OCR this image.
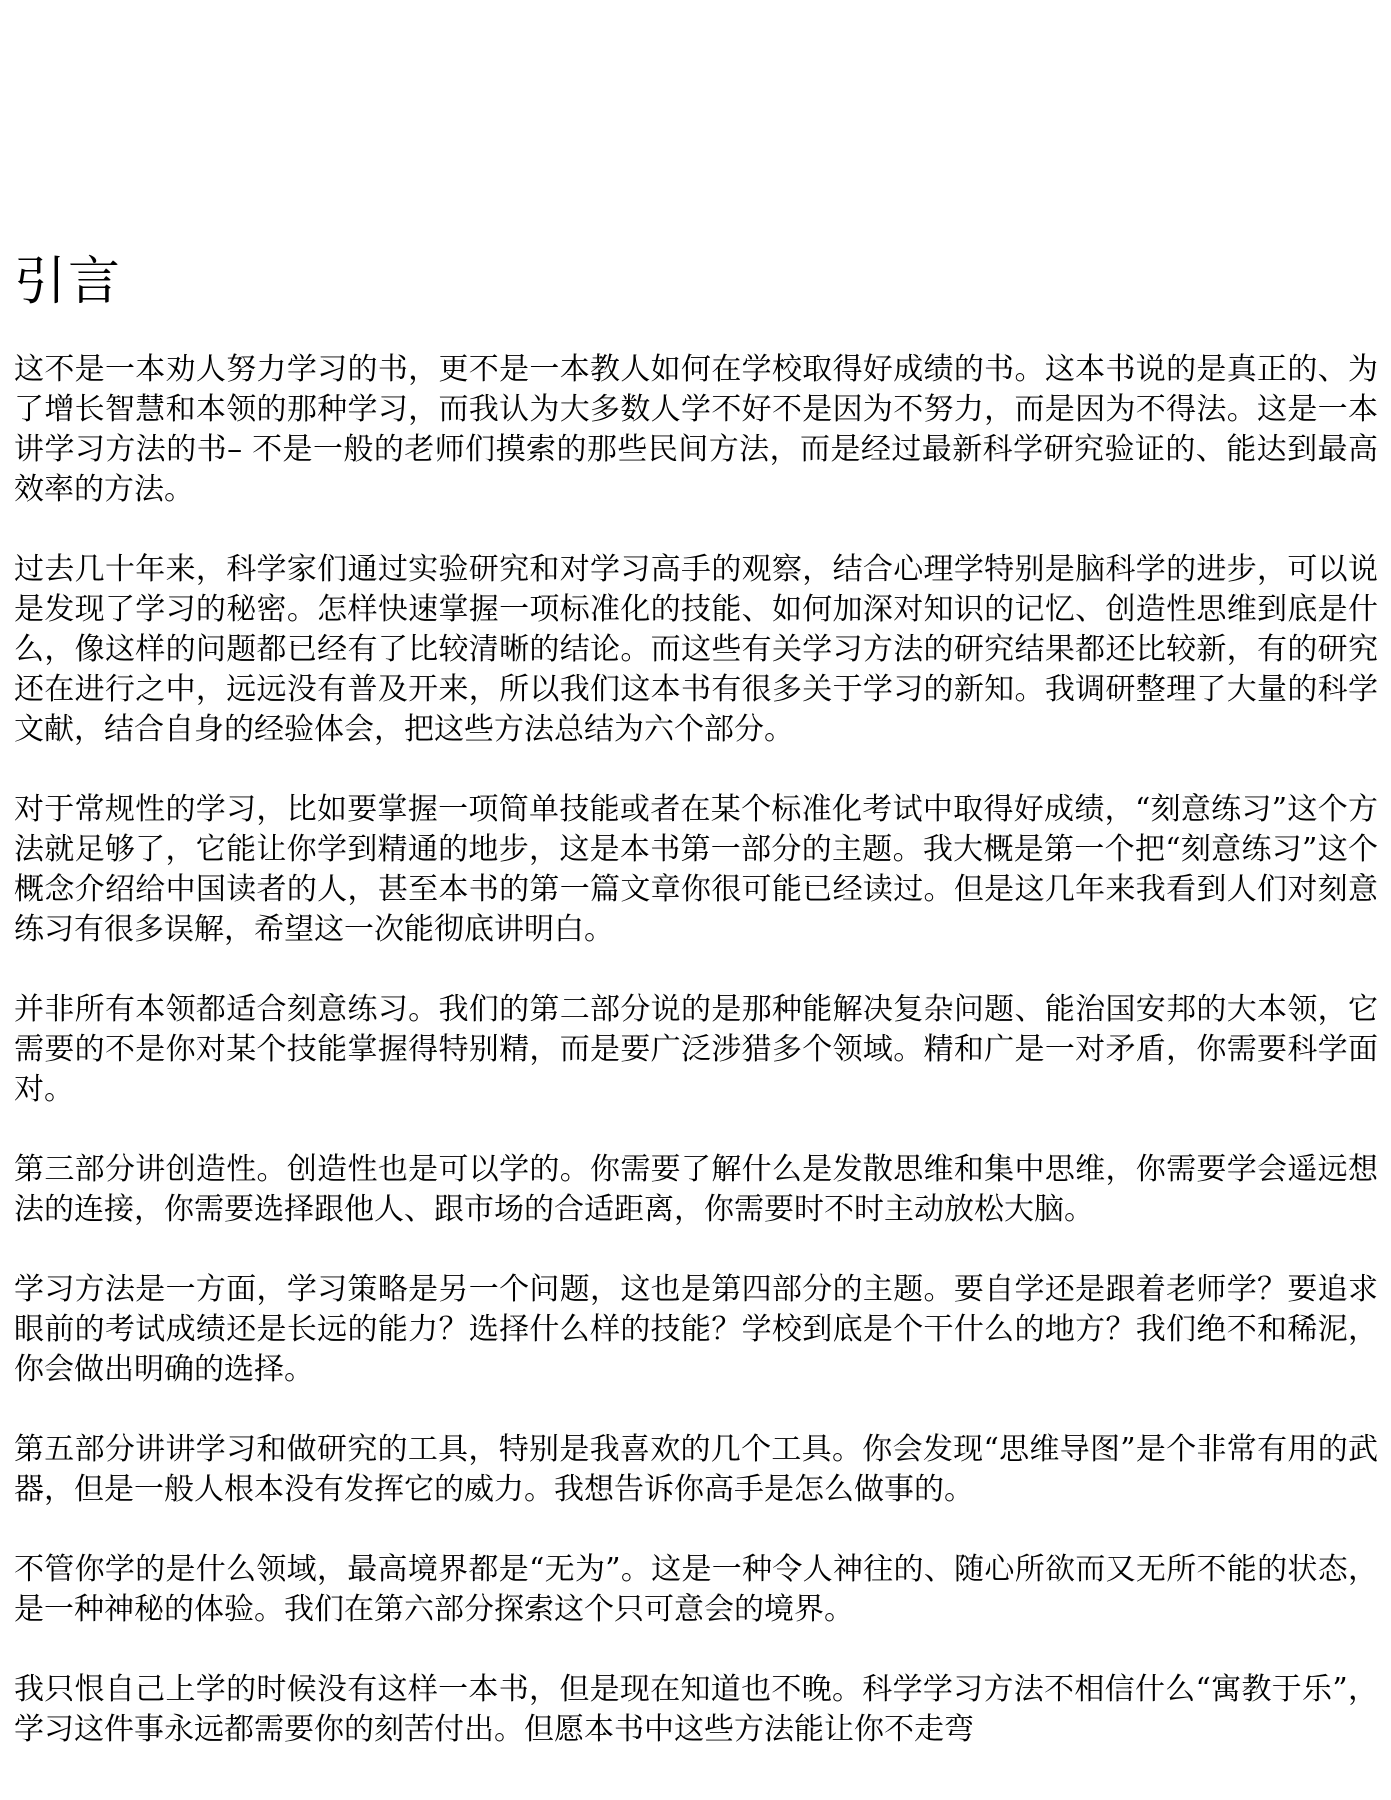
引言

这不是一本劝人努力学习的书，更不是一本教人如何在学校取得好成绩的书。这本书说的是真正的、为了增长智慧和本领的那种学习，而我认为大多数人学不好不是因为不努力，而是因为不得法。这是一本讲学习方法的书– 不是一般的老师们摸索的那些民间方法，而是经过最新科学研究验证的、能达到最高效率的方法。

过去几十年来，科学家们通过实验研究和对学习高手的观察，结合心理学特别是脑科学的进步，可以说是发现了学习的秘密。怎样快速掌握一项标准化的技能、如何加深对知识的记忆、创造性思维到底是什么，像这样的问题都已经有了比较清晰的结论。而这些有关学习方法的研究结果都还比较新，有的研究还在进行之中，远远没有普及开来，所以我们这本书有很多关于学习的新知。我调研整理了大量的科学文献，结合自身的经验体会，把这些方法总结为六个部分。

对于常规性的学习，比如要掌握一项简单技能或者在某个标准化考试中取得好成绩，“刻意练习”这个方法就足够了，它能让你学到精通的地步，这是本书第一部分的主题。我大概是第一个把“刻意练习”这个概念介绍给中国读者的人，甚至本书的第一篇文章你很可能已经读过。但是这几年来我看到人们对刻意练习有很多误解，希望这一次能彻底讲明白。

并非所有本领都适合刻意练习。我们的第二部分说的是那种能解决复杂问题、能治国安邦的大本领，它需要的不是你对某个技能掌握得特别精，而是要广泛涉猎多个领域。精和广是一对矛盾，你需要科学面对。

第三部分讲创造性。创造性也是可以学的。你需要了解什么是发散思维和集中思维，你需要学会遥远想法的连接，你需要选择跟他人、跟市场的合适距离，你需要时不时主动放松大脑。

学习方法是一方面，学习策略是另一个问题，这也是第四部分的主题。要自学还是跟着老师学？要追求眼前的考试成绩还是长远的能力？选择什么样的技能？学校到底是个干什么的地方？我们绝不和稀泥，你会做出明确的选择。

第五部分讲讲学习和做研究的工具，特别是我喜欢的几个工具。你会发现“思维导图”是个非常有用的武器，但是一般人根本没有发挥它的威力。我想告诉你高手是怎么做事的。

不管你学的是什么领域，最高境界都是“无为”。这是一种令人神往的、随心所欲而又无所不能的状态，是一种神秘的体验。我们在第六部分探索这个只可意会的境界。

我只恨自己上学的时候没有这样一本书，但是现在知道也不晚。科学学习方法不相信什么“寓教于乐”，学习这件事永远都需要你的刻苦付出。但愿本书中这些方法能让你不走弯
